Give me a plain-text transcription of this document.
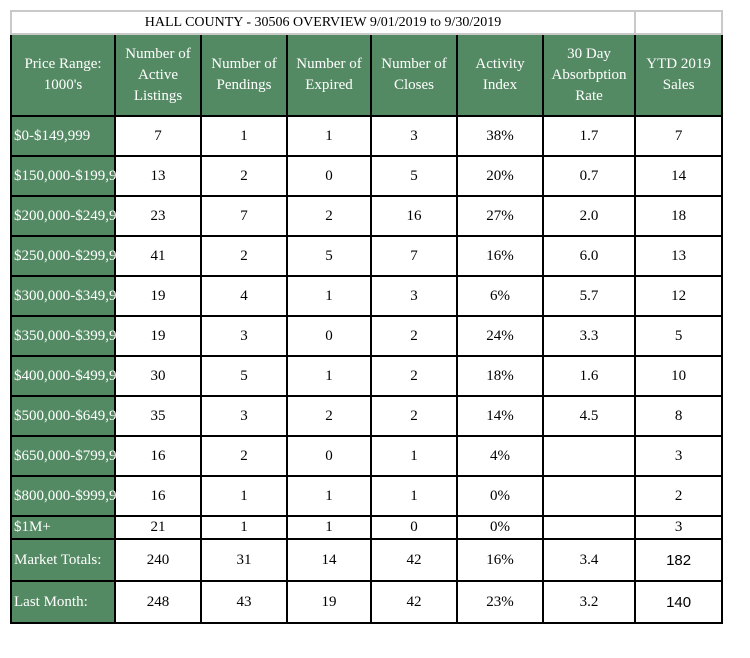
HALL COUNTY - 30506 OVERVIEW 9/01/2019 to 9/30/2019							
Price Range: 1000's	Number of Active Listings	Number of Pendings	Number of Expired	Number of Closes	Activity Index	30 Day Absorbption Rate	YTD 2019 Sales
$0-$149,999	7	1	1	3	38%	1.7	7
$150,000-$199,999	13	2	0	5	20%	0.7	14
$200,000-$249,999	23	7	2	16	27%	2.0	18
$250,000-$299,999	41	2	5	7	16%	6.0	13
$300,000-$349,999	19	4	1	3	6%	5.7	12
$350,000-$399,999	19	3	0	2	24%	3.3	5
$400,000-$499,999	30	5	1	2	18%	1.6	10
$500,000-$649,999	35	3	2	2	14%	4.5	8
$650,000-$799,999	16	2	0	1	4%		3
$800,000-$999,999	16	1	1	1	0%		2
$1M+	21	1	1	0	0%		3
Market Totals:	240	31	14	42	16%	3.4	182
Last Month:	248	43	19	42	23%	3.2	140
